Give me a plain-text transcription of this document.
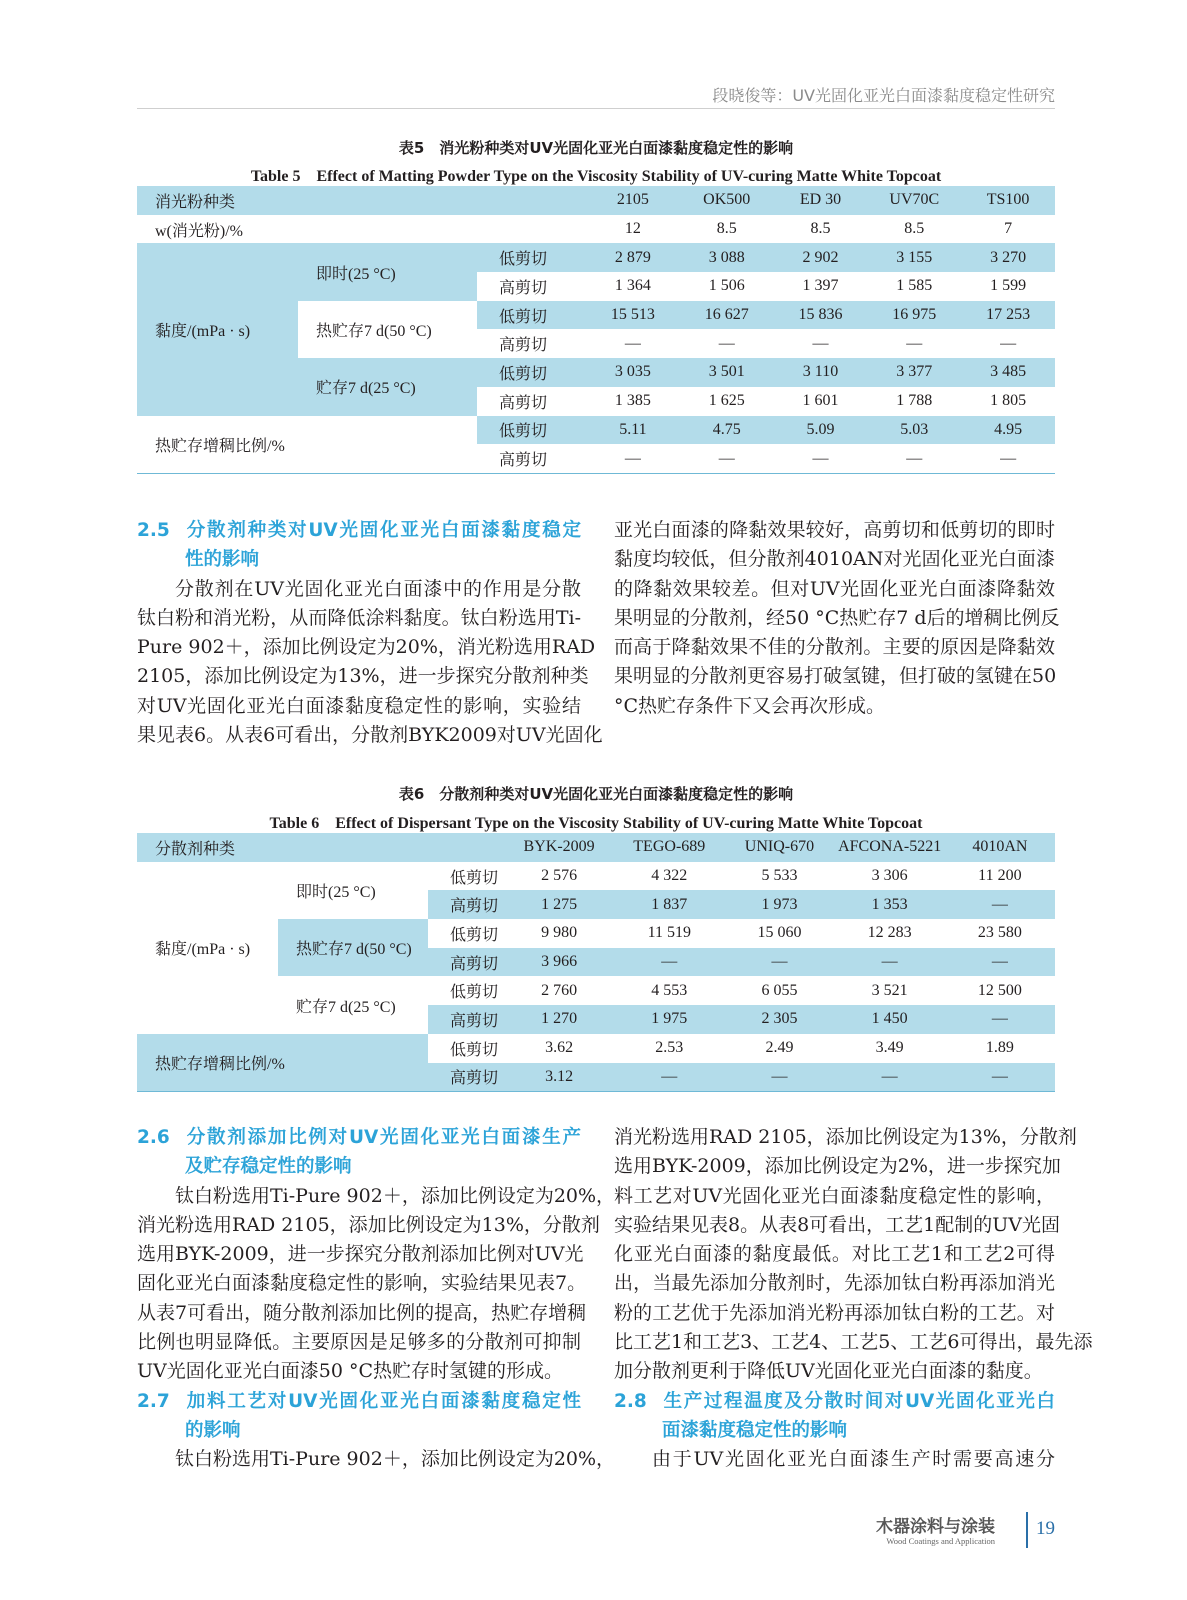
段晓俊等：UV光固化亚光白面漆黏度稳定性研究
表5　消光粉种类对UV光固化亚光白面漆黏度稳定性的影响
Table 5　Effect of Matting Powder Type on the Viscosity Stability of UV-curing Matte White Topcoat
消光粉种类			2105	OK500	ED 30	UV70C	TS100
w(消光粉)/%			12	8.5	8.5	8.5	7
黏度/(mPa · s)	即时(25 °C)	低剪切	2 879	3 088	2 902	3 155	3 270
		高剪切	1 364	1 506	1 397	1 585	1 599
	热贮存7 d(50 °C)	低剪切	15 513	16 627	15 836	16 975	17 253
		高剪切	—	—	—	—	—
	贮存7 d(25 °C)	低剪切	3 035	3 501	3 110	3 377	3 485
		高剪切	1 385	1 625	1 601	1 788	1 805
热贮存增稠比例/%		低剪切	5.11	4.75	5.09	5.03	4.95
		高剪切	—	—	—	—	—
2.5 分散剂种类对UV光固化亚光白面漆黏度稳定
性的影响
分散剂在UV光固化亚光白面漆中的作用是分散
钛白粉和消光粉，从而降低涂料黏度。钛白粉选用Ti-
Pure 902＋，添加比例设定为20%，消光粉选用RAD
2105，添加比例设定为13%，进一步探究分散剂种类
对UV光固化亚光白面漆黏度稳定性的影响，实验结
果见表6。从表6可看出，分散剂BYK2009对UV光固化
亚光白面漆的降黏效果较好，高剪切和低剪切的即时
黏度均较低，但分散剂4010AN对光固化亚光白面漆
的降黏效果较差。但对UV光固化亚光白面漆降黏效
果明显的分散剂，经50 °C热贮存7 d后的增稠比例反
而高于降黏效果不佳的分散剂。主要的原因是降黏效
果明显的分散剂更容易打破氢键，但打破的氢键在50
°C热贮存条件下又会再次形成。
表6　分散剂种类对UV光固化亚光白面漆黏度稳定性的影响
Table 6　Effect of Dispersant Type on the Viscosity Stability of UV-curing Matte White Topcoat
分散剂种类			BYK-2009	TEGO-689	UNIQ-670	AFCONA-5221	4010AN
黏度/(mPa · s)	即时(25 °C)	低剪切	2 576	4 322	5 533	3 306	11 200
		高剪切	1 275	1 837	1 973	1 353	—
	热贮存7 d(50 °C)	低剪切	9 980	11 519	15 060	12 283	23 580
		高剪切	3 966	—	—	—	—
	贮存7 d(25 °C)	低剪切	2 760	4 553	6 055	3 521	12 500
		高剪切	1 270	1 975	2 305	1 450	—
热贮存增稠比例/%		低剪切	3.62	2.53	2.49	3.49	1.89
		高剪切	3.12	—	—	—	—
2.6 分散剂添加比例对UV光固化亚光白面漆生产
及贮存稳定性的影响
钛白粉选用Ti-Pure 902＋，添加比例设定为20%，
消光粉选用RAD 2105，添加比例设定为13%，分散剂
选用BYK-2009，进一步探究分散剂添加比例对UV光
固化亚光白面漆黏度稳定性的影响，实验结果见表7。
从表7可看出，随分散剂添加比例的提高，热贮存增稠
比例也明显降低。主要原因是足够多的分散剂可抑制
UV光固化亚光白面漆50 °C热贮存时氢键的形成。
2.7 加料工艺对UV光固化亚光白面漆黏度稳定性
的影响
钛白粉选用Ti-Pure 902＋，添加比例设定为20%，
消光粉选用RAD 2105，添加比例设定为13%，分散剂
选用BYK-2009，添加比例设定为2%，进一步探究加
料工艺对UV光固化亚光白面漆黏度稳定性的影响，
实验结果见表8。从表8可看出，工艺1配制的UV光固
化亚光白面漆的黏度最低。对比工艺1和工艺2可得
出，当最先添加分散剂时，先添加钛白粉再添加消光
粉的工艺优于先添加消光粉再添加钛白粉的工艺。对
比工艺1和工艺3、工艺4、工艺5、工艺6可得出，最先添
加分散剂更利于降低UV光固化亚光白面漆的黏度。
2.8 生产过程温度及分散时间对UV光固化亚光白
面漆黏度稳定性的影响
由于UV光固化亚光白面漆生产时需要高速分
木器涂料与涂装
Wood Coatings and Application
19
